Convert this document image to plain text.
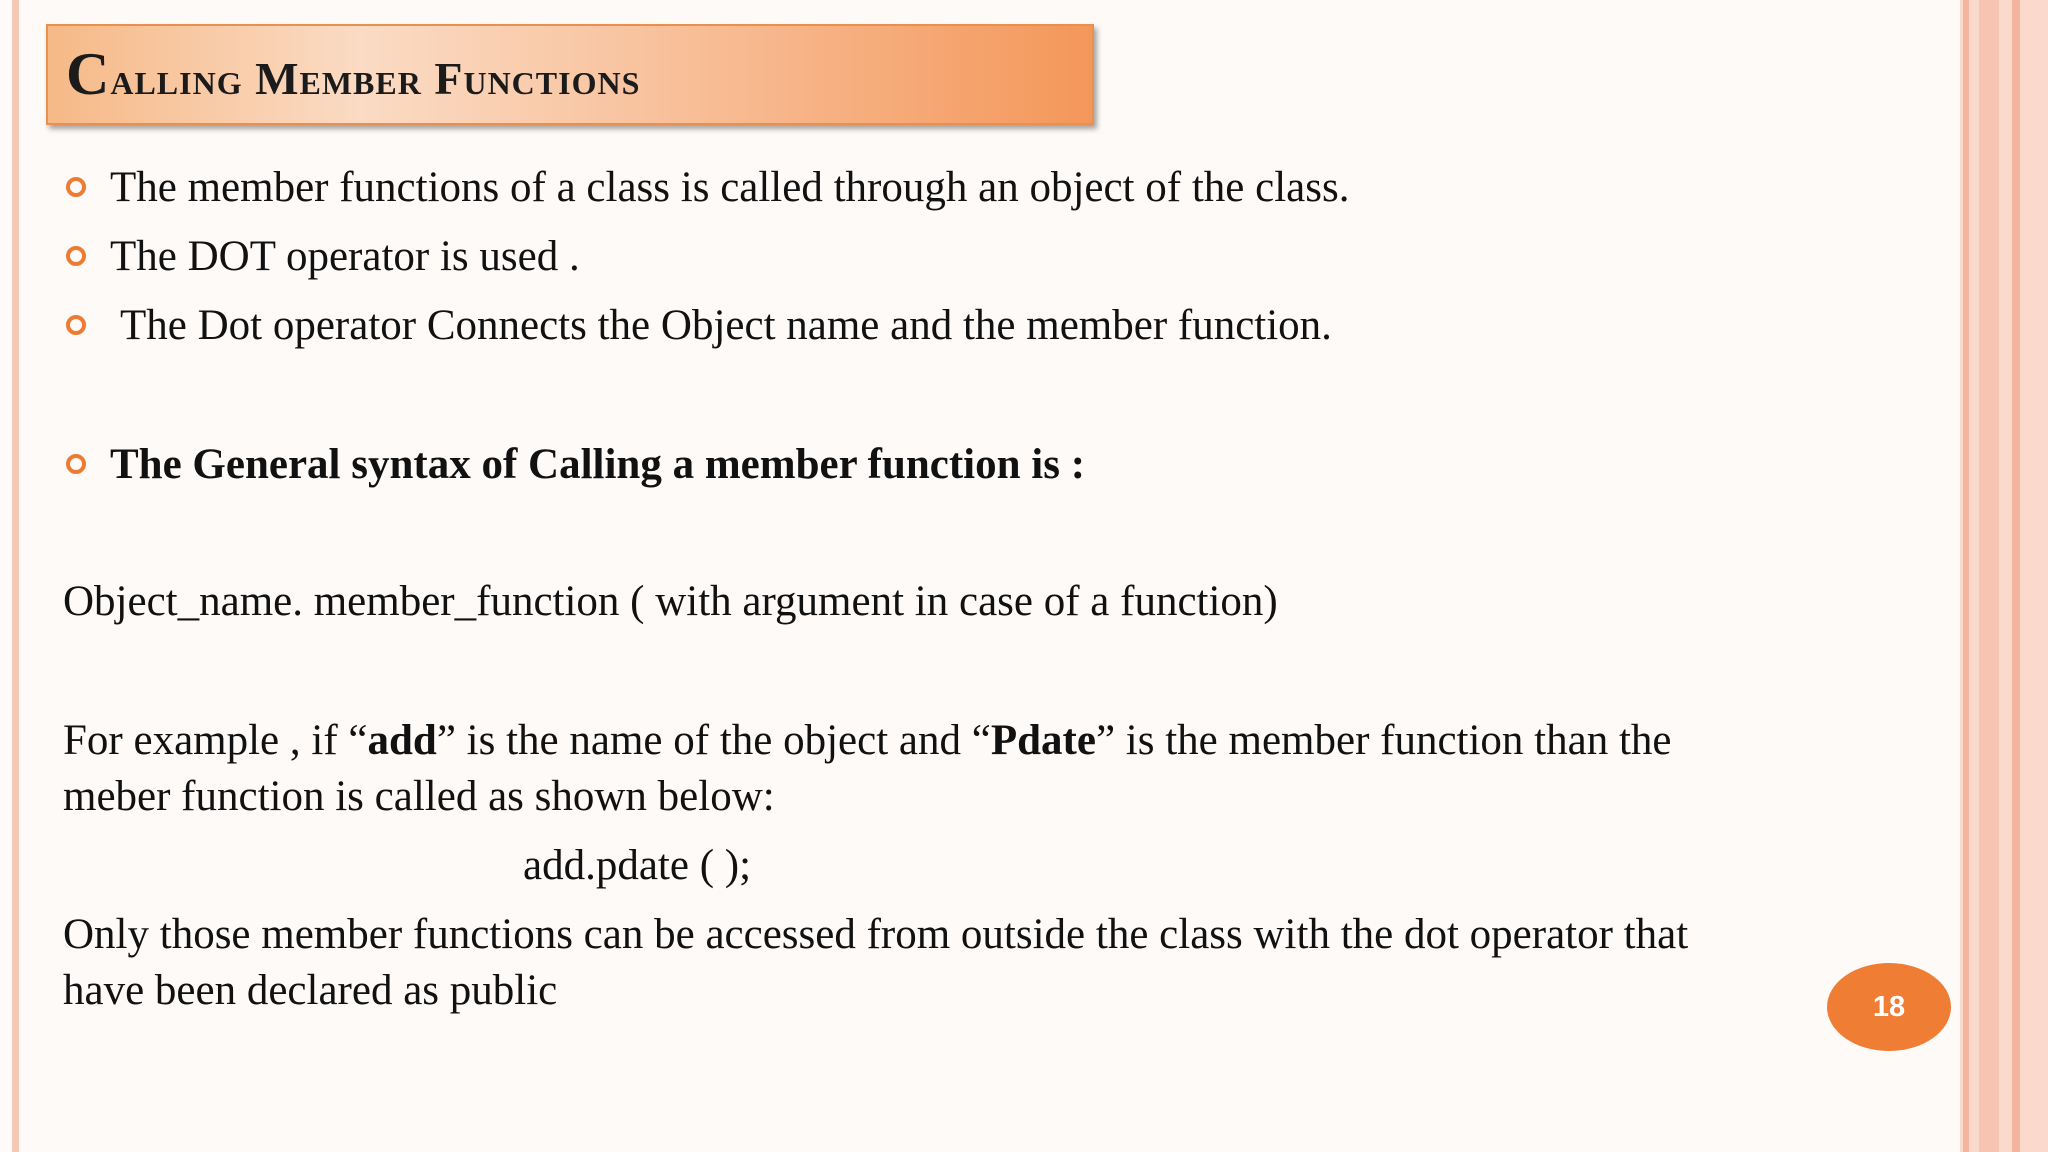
Calling Member Functions
The member functions of a class is called through an object of the class.
The DOT operator is used .
The Dot operator Connects the Object name and the member function.
The General syntax of Calling a member function is :
Object_name. member_function ( with argument in case of a function)
For example , if “add” is the name of the object and “Pdate” is the member function than the
meber function is called as shown below:
add.pdate ( );
Only those member functions can be accessed from outside the class with the dot operator that
have been declared as public	18
